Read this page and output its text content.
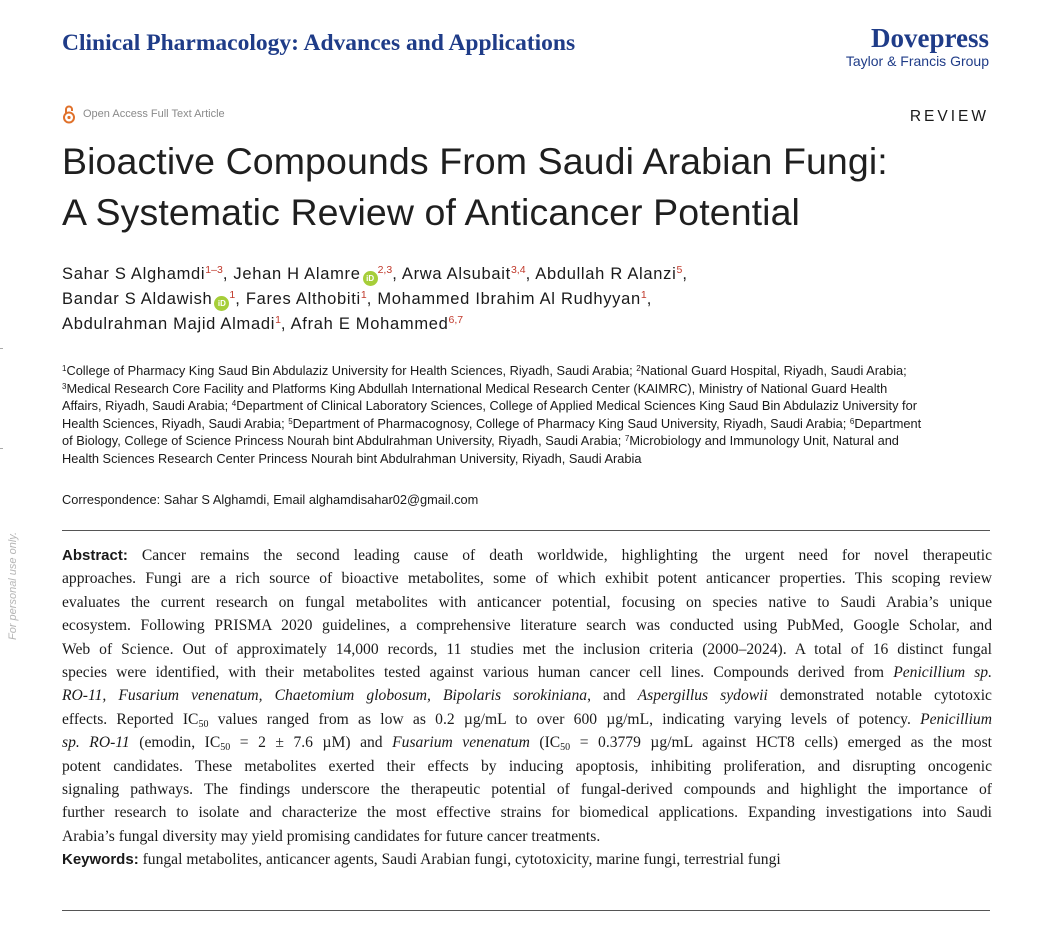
Clinical Pharmacology: Advances and Applications	Dovepress
Taylor & Francis Group
Open Access Full Text Article	REVIEW
Bioactive Compounds From Saudi Arabian Fungi:
A Systematic Review of Anticancer Potential
Sahar S Alghamdi$^{1-3}$, Jehan H Alamre iD$^{2,3}$, Arwa Alsubait$^{3,4}$, Abdullah R Alanzi$^5$,
Bandar S Aldawish $iD^1$, Fares Althobiti$^1$, Mohammed Ibrahim Al Rudhyyan$^1$,
Abdulrahman Majid Almadi$^1$, Afrah E Mohammed$^{6,7}$

$^1$College of Pharmacy King Saud Bin Abdulaziz University for Health Sciences, Riyadh, Saudi Arabia; $^2$National Guard Hospital, Riyadh, Saudi Arabia;

$^3$Medical Research Core Facility and Platforms King Abdullah International Medical Research Center (KAIMRC), Ministry of National Guard Health

Affairs, Riyadh, Saudi Arabia; $^4$Department of Clinical Laboratory Sciences, College of Applied Medical Sciences King Saud Bin Abdulaziz University for

Health Sciences, Riyadh, Saudi Arabia; $^5$Department of Pharmacognosy, College of Pharmacy King Saud University, Riyadh, Saudi Arabia; $^6$Department

of Biology, College of Science Princess Nourah bint Abdulrahman University, Riyadh, Saudi Arabia; $^7$Microbiology and Immunology Unit, Natural and

Health Sciences Research Center Princess Nourah bint Abdulrahman University, Riyadh, Saudi Arabia

Correspondence: Sahar S Alghamdi, Email alghamdisahar02@gmail.com

Abstract: Cancer remains the second leading cause of death worldwide, highlighting the urgent need for novel therapeutic

approaches. Fungi are a rich source of bioactive metabolites, some of which exhibit potent anticancer properties. This scoping review

evaluates the current research on fungal metabolites with anticancer potential, focusing on species native to Saudi Arabia’s unique

ecosystem. Following PRISMA 2020 guidelines, a comprehensive literature search was conducted using PubMed, Google Scholar, and

Web of Science. Out of approximately 14,000 records, 11 studies met the inclusion criteria (2000–2024). A total of 16 distinct fungal

species were identified, with their metabolites tested against various human cancer cell lines. Compounds derived from Penicillium sp.

RO-11, Fusarium venenatum, Chaetomium globosum, Bipolaris sorokiniana, and Aspergillus sydowii demonstrated notable cytotoxic

effects. Reported $IC_{50}$ values ranged from as low as 0.2 µg/mL to over 600 µg/mL, indicating varying levels of potency. Penicillium

sp. RO-11 (emodin, $IC_{50} = 2 \pm 7.6$ µM) and Fusarium venenatum ($IC_{50} = 0.3779$ µg/mL against HCT8 cells) emerged as the most

potent candidates. These metabolites exerted their effects by inducing apoptosis, inhibiting proliferation, and disrupting oncogenic

signaling pathways. The findings underscore the therapeutic potential of fungal-derived compounds and highlight the importance of

further research to isolate and characterize the most effective strains for biomedical applications. Expanding investigations into Saudi

Arabia’s fungal diversity may yield promising candidates for future cancer treatments.

Keywords: fungal metabolites, anticancer agents, Saudi Arabian fungi, cytotoxicity, marine fungi, terrestrial fungi

For personal use only.
